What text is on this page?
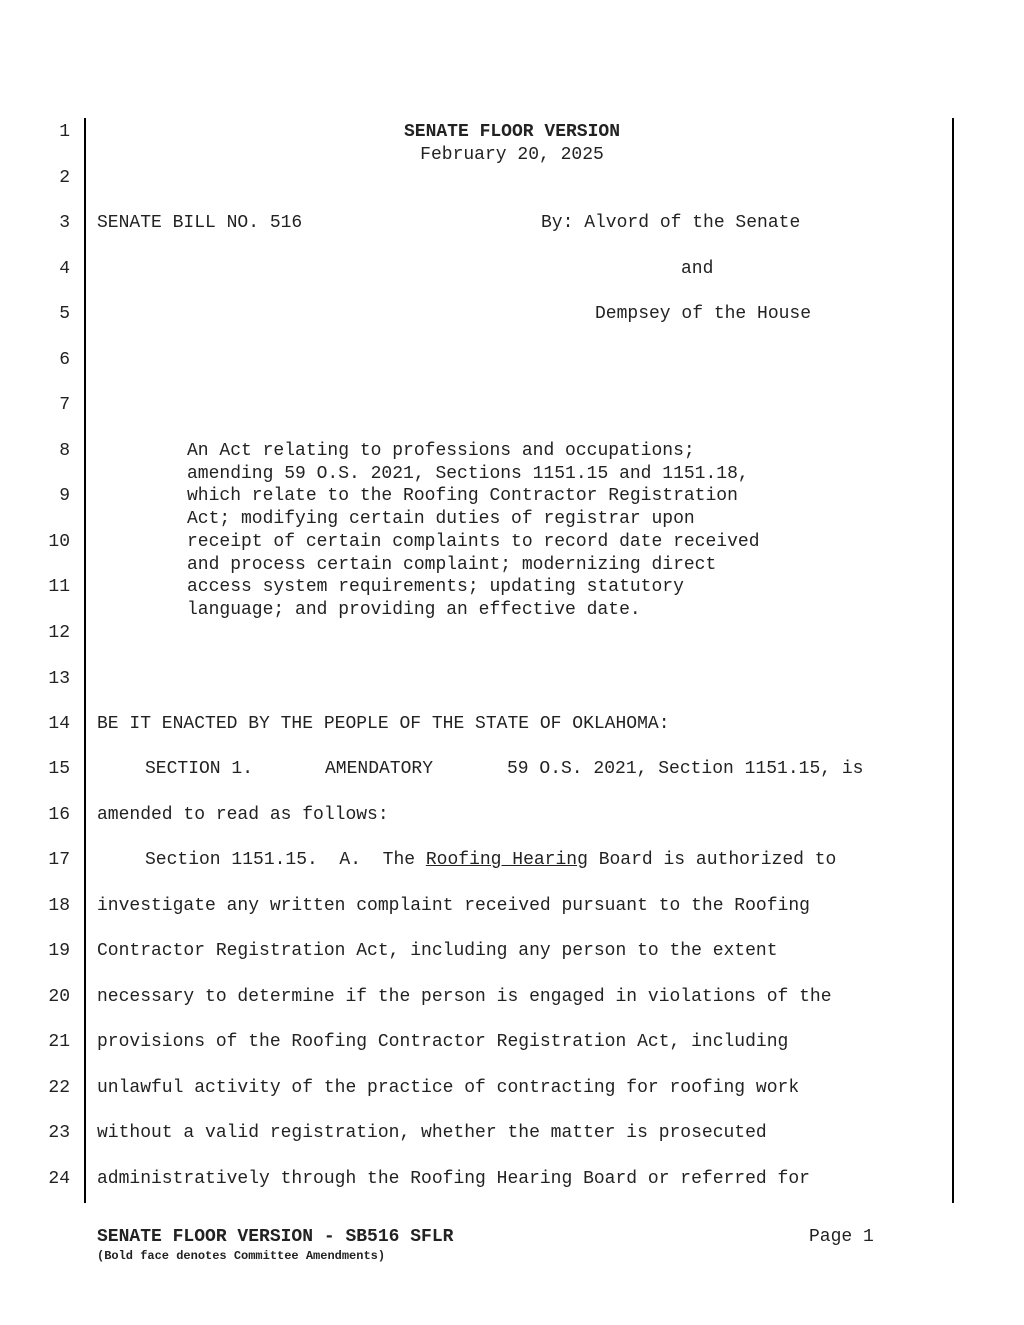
1
2
3
4
5
6
7
8
9
10
11
12
13
14
15
16
17
18
19
20
21
22
23
24
SENATE FLOOR VERSION
February 20, 2025
SENATE BILL NO. 516	By: Alvord of the Senate
and
Dempsey of the House
An Act relating to professions and occupations;
amending 59 O.S. 2021, Sections 1151.15 and 1151.18,
which relate to the Roofing Contractor Registration
Act; modifying certain duties of registrar upon
receipt of certain complaints to record date received
and process certain complaint; modernizing direct
access system requirements; updating statutory
language; and providing an effective date.
BE IT ENACTED BY THE PEOPLE OF THE STATE OF OKLAHOMA:
SECTION 1.	AMENDATORY	59 O.S. 2021, Section 1151.15, is
amended to read as follows:
Section 1151.15.  A.  The Roofing Hearing Board is authorized to
investigate any written complaint received pursuant to the Roofing
Contractor Registration Act, including any person to the extent
necessary to determine if the person is engaged in violations of the
provisions of the Roofing Contractor Registration Act, including
unlawful activity of the practice of contracting for roofing work
without a valid registration, whether the matter is prosecuted
administratively through the Roofing Hearing Board or referred for
SENATE FLOOR VERSION - SB516 SFLR
(Bold face denotes Committee Amendments)
Page 1
